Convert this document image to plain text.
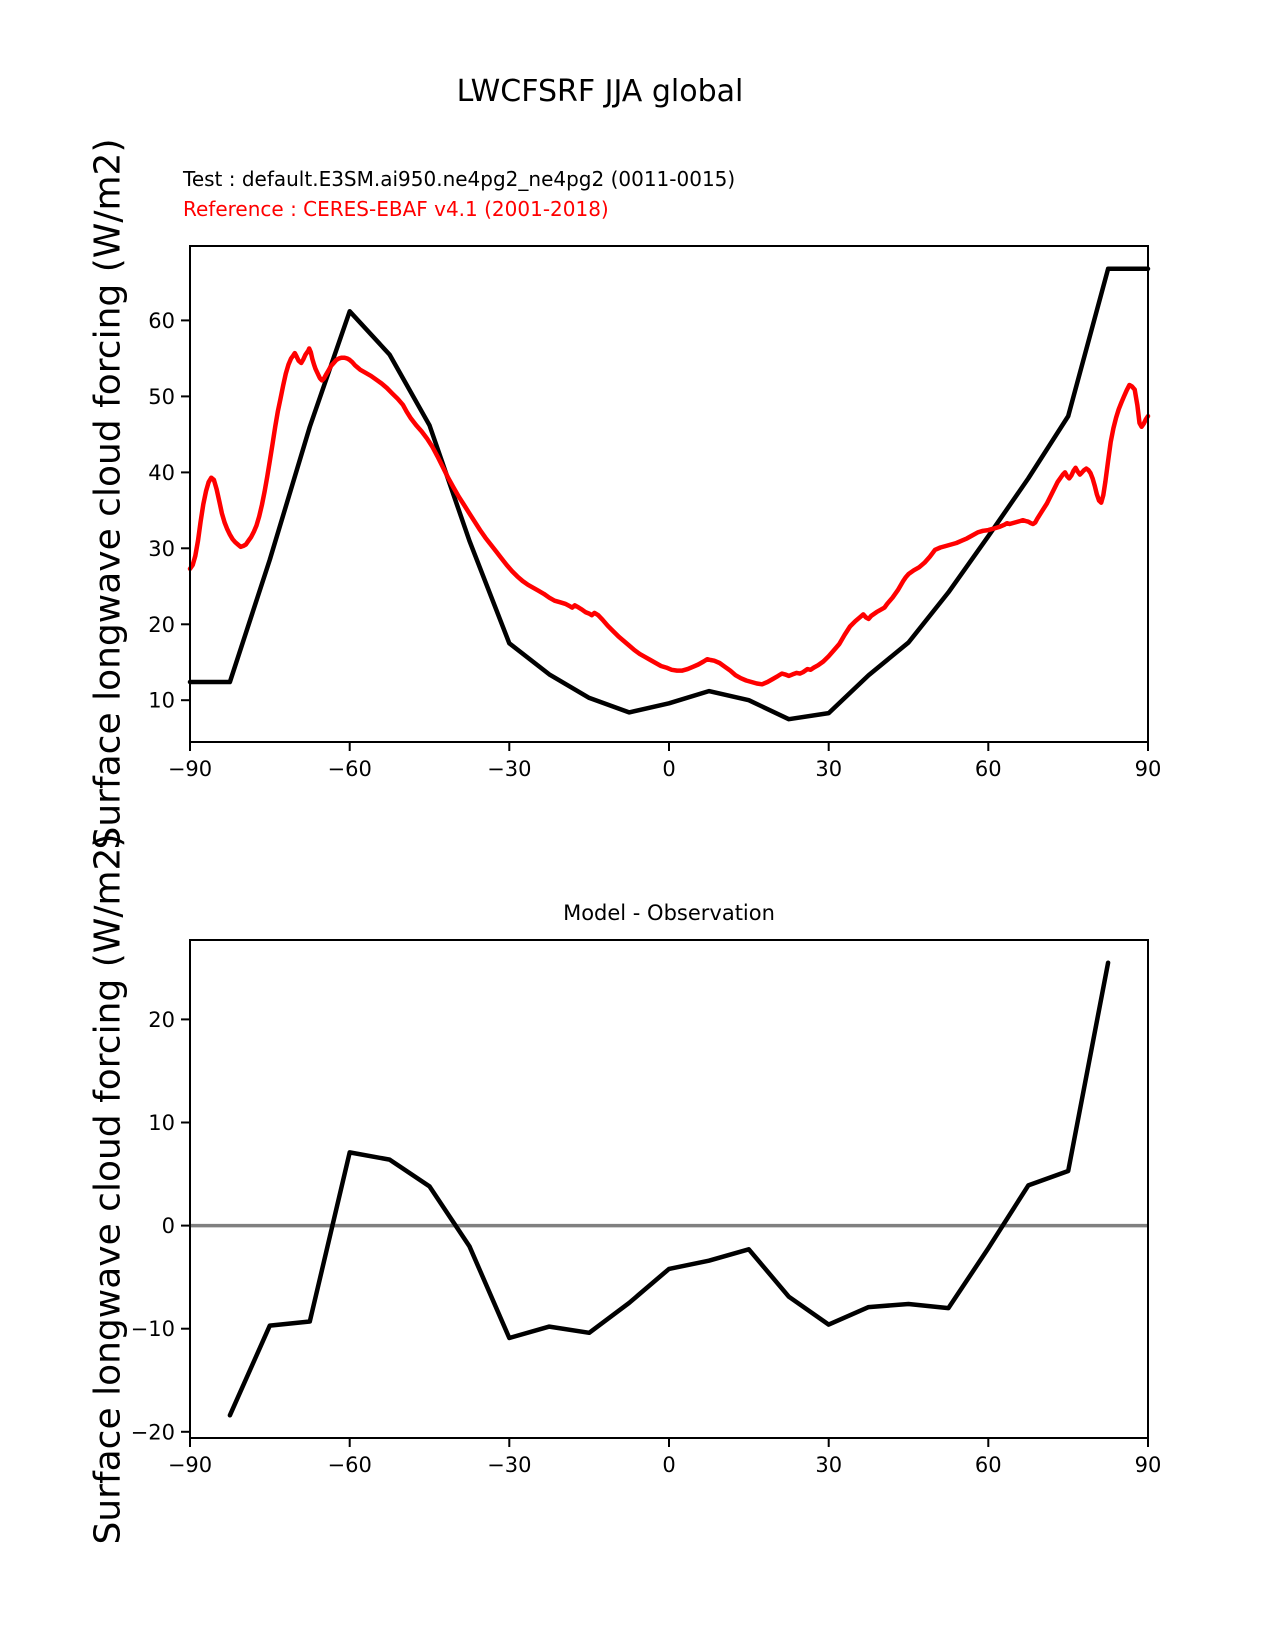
LWCFSRF JJA global
Test : default.E3SM.ai950.ne4pg2_ne4pg2 (0011-0015)
Reference : CERES-EBAF v4.1 (2001-2018)
Surface longwave cloud forcing (W/m2)
Surface longwave cloud forcing (W/m2)	Model - Observation
−90	−60	−30	0	30	60	90
10
20
30
40
50
60
−90	−60	−30	0	30	60	90
−20
−10
0
10
20
